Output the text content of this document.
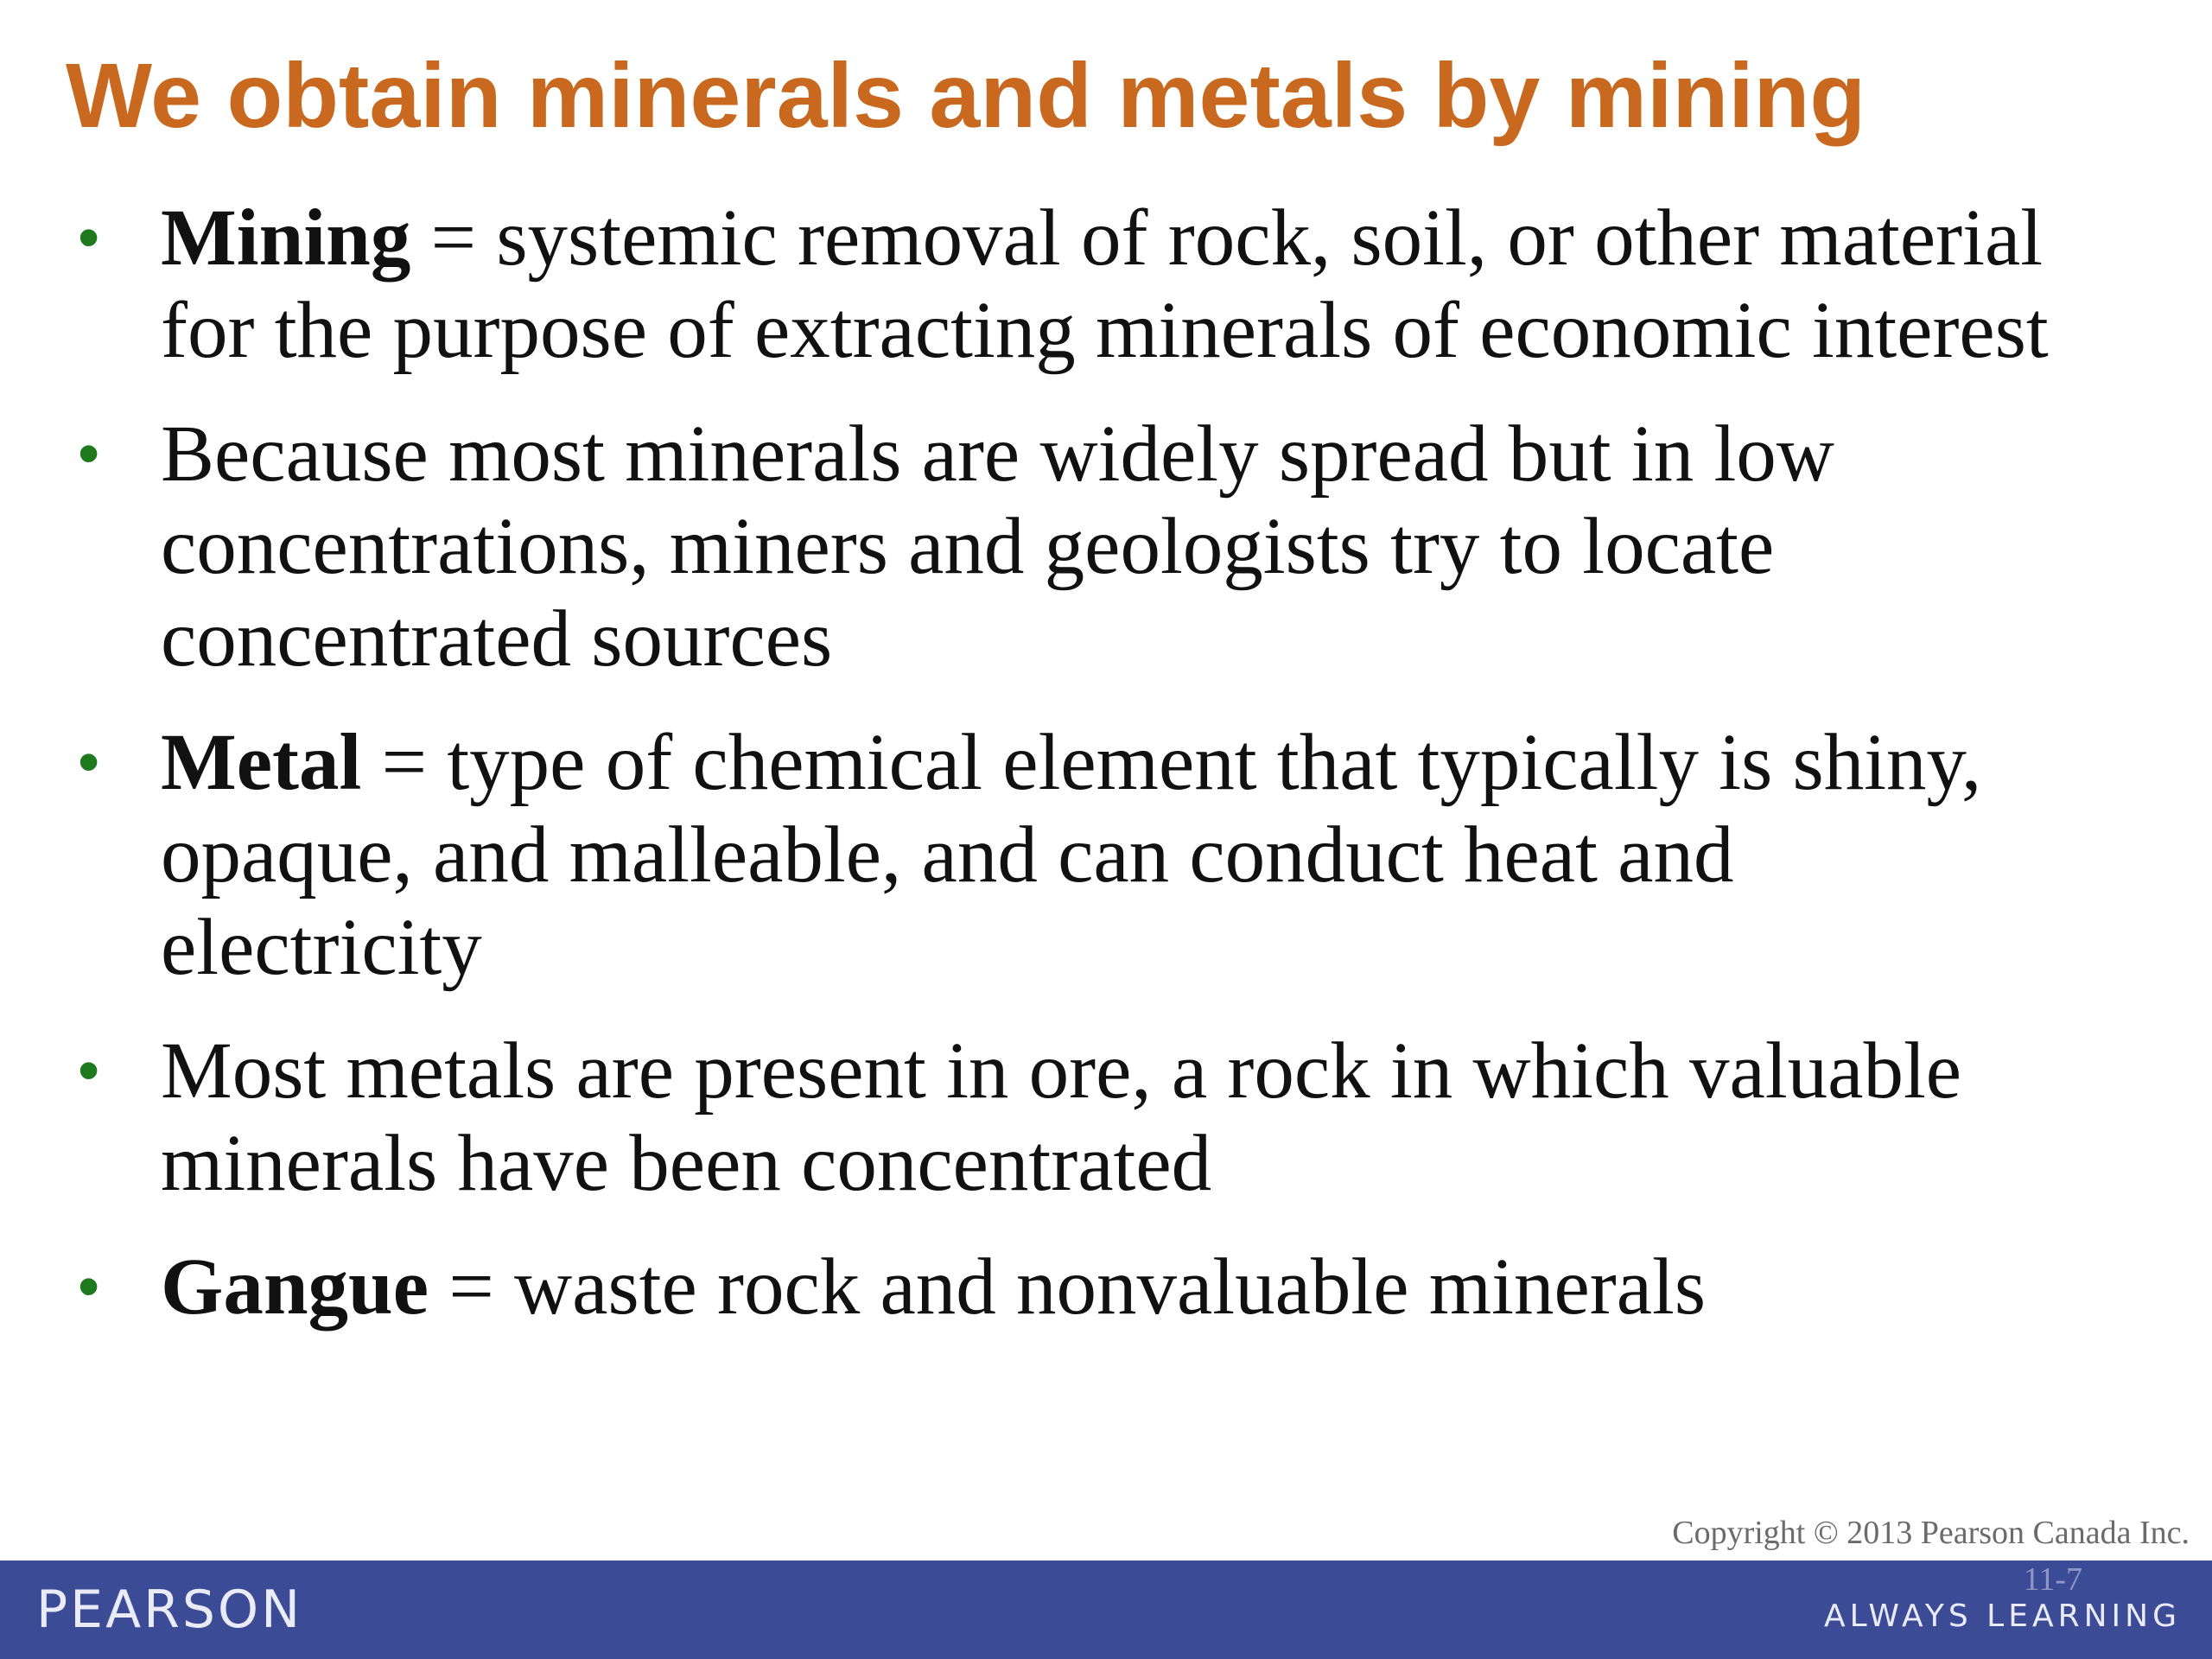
We obtain minerals and metals by mining
• Mining = systemic removal of rock, soil, or other material for the purpose of extracting minerals of economic interest
• Because most minerals are widely spread but in low concentrations, miners and geologists try to locate concentrated sources
• Metal = type of chemical element that typically is shiny, opaque, and malleable, and can conduct heat and electricity
• Most metals are present in ore, a rock in which valuable minerals have been concentrated
• Gangue = waste rock and nonvaluable minerals
Copyright © 2013 Pearson Canada Inc.
PEARSON	11-7
ALWAYS LEARNING
